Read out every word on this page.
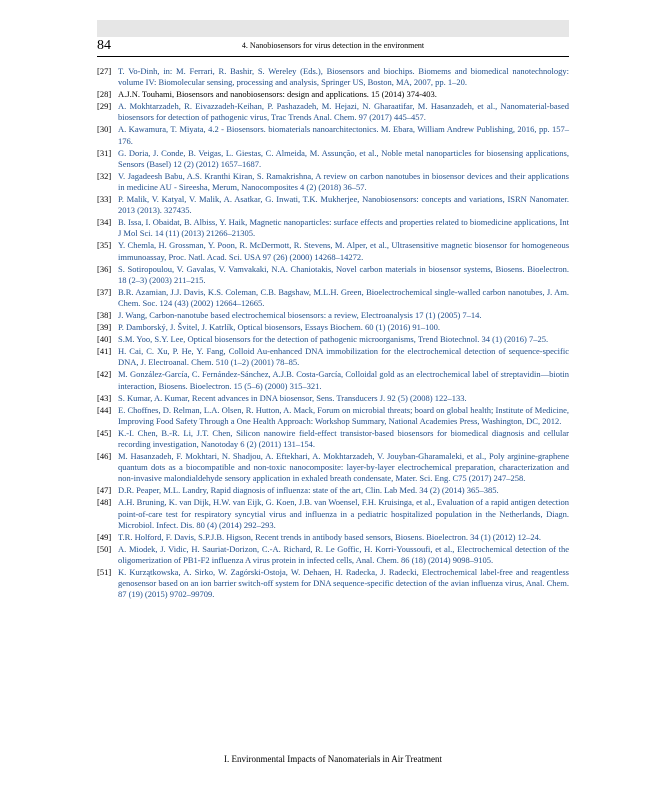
84	4. Nanobiosensors for virus detection in the environment
[27] T. Vo-Dinh, in: M. Ferrari, R. Bashir, S. Wereley (Eds.), Biosensors and biochips. Biomems and biomedical nanotechnology: volume IV: Biomolecular sensing, processing and analysis, Springer US, Boston, MA, 2007, pp. 1–20.
[28] A.J.N. Touhami, Biosensors and nanobiosensors: design and applications. 15 (2014) 374-403.
[29] A. Mokhtarzadeh, R. Eivazzadeh-Keihan, P. Pashazadeh, M. Hejazi, N. Gharaatifar, M. Hasanzadeh, et al., Nanomaterial-based biosensors for detection of pathogenic virus, Trac Trends Anal. Chem. 97 (2017) 445–457.
[30] A. Kawamura, T. Miyata, 4.2 - Biosensors. biomaterials nanoarchitectonics. M. Ebara, William Andrew Publishing, 2016, pp. 157–176.
[31] G. Doria, J. Conde, B. Veigas, L. Giestas, C. Almeida, M. Assunção, et al., Noble metal nanoparticles for biosensing applications, Sensors (Basel) 12 (2) (2012) 1657–1687.
[32] V. Jagadeesh Babu, A.S. Kranthi Kiran, S. Ramakrishna, A review on carbon nanotubes in biosensor devices and their applications in medicine AU - Sireesha, Merum, Nanocomposites 4 (2) (2018) 36–57.
[33] P. Malik, V. Katyal, V. Malik, A. Asatkar, G. Inwati, T.K. Mukherjee, Nanobiosensors: concepts and variations, ISRN Nanomater. 2013 (2013). 327435.
[34] B. Issa, I. Obaidat, B. Albiss, Y. Haik, Magnetic nanoparticles: surface effects and properties related to biomedicine applications, Int J Mol Sci. 14 (11) (2013) 21266–21305.
[35] Y. Chemla, H. Grossman, Y. Poon, R. McDermott, R. Stevens, M. Alper, et al., Ultrasensitive magnetic biosensor for homogeneous immunoassay, Proc. Natl. Acad. Sci. USA 97 (26) (2000) 14268–14272.
[36] S. Sotiropoulou, V. Gavalas, V. Vamvakaki, N.A. Chaniotakis, Novel carbon materials in biosensor systems, Biosens. Bioelectron. 18 (2–3) (2003) 211–215.
[37] B.R. Azamian, J.J. Davis, K.S. Coleman, C.B. Bagshaw, M.L.H. Green, Bioelectrochemical single-walled carbon nanotubes, J. Am. Chem. Soc. 124 (43) (2002) 12664–12665.
[38] J. Wang, Carbon-nanotube based electrochemical biosensors: a review, Electroanalysis 17 (1) (2005) 7–14.
[39] P. Damborský, J. Švitel, J. Katrlík, Optical biosensors, Essays Biochem. 60 (1) (2016) 91–100.
[40] S.M. Yoo, S.Y. Lee, Optical biosensors for the detection of pathogenic microorganisms, Trend Biotechnol. 34 (1) (2016) 7–25.
[41] H. Cai, C. Xu, P. He, Y. Fang, Colloid Au-enhanced DNA immobilization for the electrochemical detection of sequence-specific DNA, J. Electroanal. Chem. 510 (1–2) (2001) 78–85.
[42] M. González-García, C. Fernández-Sánchez, A.J.B. Costa-García, Colloidal gold as an electrochemical label of streptavidin—biotin interaction, Biosens. Bioelectron. 15 (5–6) (2000) 315–321.
[43] S. Kumar, A. Kumar, Recent advances in DNA biosensor, Sens. Transducers J. 92 (5) (2008) 122–133.
[44] E. Choffnes, D. Relman, L.A. Olsen, R. Hutton, A. Mack, Forum on microbial threats; board on global health; Institute of Medicine, Improving Food Safety Through a One Health Approach: Workshop Summary, National Academies Press, Washington, DC, 2012.
[45] K.-I. Chen, B.-R. Li, J.T. Chen, Silicon nanowire field-effect transistor-based biosensors for biomedical diagnosis and cellular recording investigation, Nanotoday 6 (2) (2011) 131–154.
[46] M. Hasanzadeh, F. Mokhtari, N. Shadjou, A. Eftekhari, A. Mokhtarzadeh, V. Jouyban-Gharamaleki, et al., Poly arginine-graphene quantum dots as a biocompatible and non-toxic nanocomposite: layer-by-layer electrochemical preparation, characterization and non-invasive malondialdehyde sensory application in exhaled breath condensate, Mater. Sci. Eng. C75 (2017) 247–258.
[47] D.R. Peaper, M.L. Landry, Rapid diagnosis of influenza: state of the art, Clin. Lab Med. 34 (2) (2014) 365–385.
[48] A.H. Bruning, K. van Dijk, H.W. van Eijk, G. Koen, J.B. van Woensel, F.H. Kruisinga, et al., Evaluation of a rapid antigen detection point-of-care test for respiratory syncytial virus and influenza in a pediatric hospitalized population in the Netherlands, Diagn. Microbiol. Infect. Dis. 80 (4) (2014) 292–293.
[49] T.R. Holford, F. Davis, S.P.J.B. Higson, Recent trends in antibody based sensors, Biosens. Bioelectron. 34 (1) (2012) 12–24.
[50] A. Miodek, J. Vidic, H. Sauriat-Dorizon, C.-A. Richard, R. Le Goffic, H. Korri-Youssoufi, et al., Electrochemical detection of the oligomerization of PB1-F2 influenza A virus protein in infected cells, Anal. Chem. 86 (18) (2014) 9098–9105.
[51] K. Kurzątkowska, A. Sirko, W. Zagórski-Ostoja, W. Dehaen, H. Radecka, J. Radecki, Electrochemical label-free and reagentless genosensor based on an ion barrier switch-off system for DNA sequence-specific detection of the avian influenza virus, Anal. Chem. 87 (19) (2015) 9702–99709.
I. Environmental Impacts of Nanomaterials in Air Treatment
